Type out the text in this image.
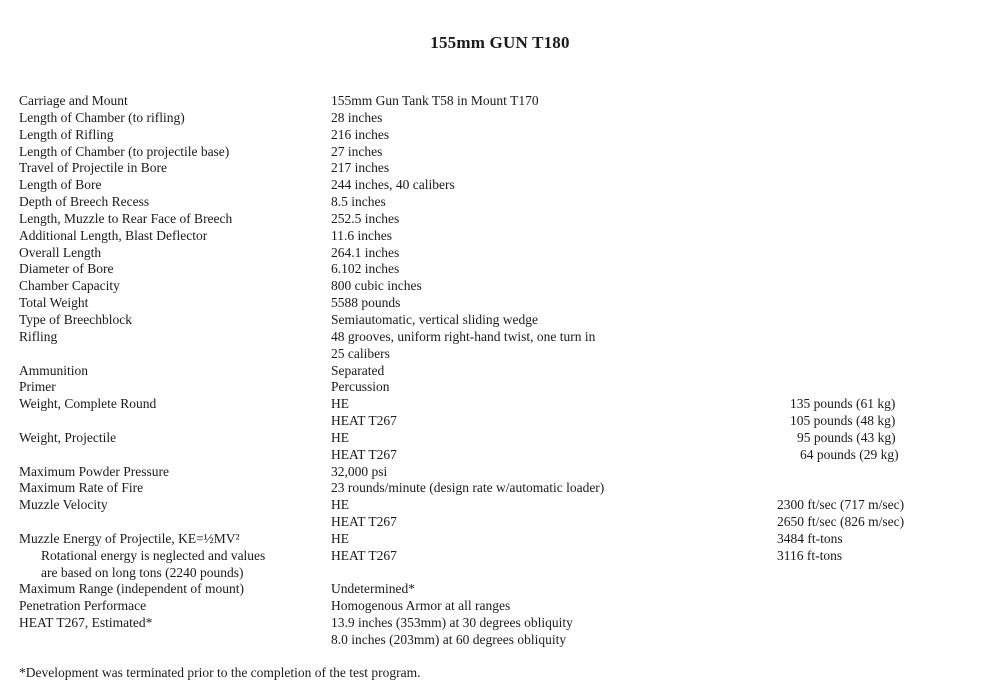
155mm GUN T180
Carriage and Mount	155mm Gun Tank T58 in Mount T170
Length of Chamber (to rifling)	28 inches
Length of Rifling	216 inches
Length of Chamber (to projectile base)	27 inches
Travel of Projectile in Bore	217 inches
Length of Bore	244 inches, 40 calibers
Depth of Breech Recess	8.5 inches
Length, Muzzle to Rear Face of Breech	252.5 inches
Additional Length, Blast Deflector	11.6 inches
Overall Length	264.1 inches
Diameter of Bore	6.102 inches
Chamber Capacity	800 cubic inches
Total Weight	5588 pounds
Type of Breechblock	Semiautomatic, vertical sliding wedge
Rifling	48 grooves, uniform right-hand twist, one turn in
25 calibers
Ammunition	Separated
Primer	Percussion
Weight, Complete Round	HE	135 pounds (61 kg)
HEAT T267	105 pounds (48 kg)
Weight, Projectile	HE	95 pounds (43 kg)
HEAT T267	64 pounds (29 kg)
Maximum Powder Pressure	32,000 psi
Maximum Rate of Fire	23 rounds/minute (design rate w/automatic loader)
Muzzle Velocity	HE	2300 ft/sec (717 m/sec)
HEAT T267	2650 ft/sec (826 m/sec)
Muzzle Energy of Projectile, KE=½MV²	HE	3484 ft-tons
Rotational energy is neglected and values	HEAT T267	3116 ft-tons
are based on long tons (2240 pounds)
Maximum Range (independent of mount)	Undetermined*
Penetration Performace	Homogenous Armor at all ranges
HEAT T267, Estimated*	13.9 inches (353mm) at 30 degrees obliquity
8.0 inches (203mm) at 60 degrees obliquity
*Development was terminated prior to the completion of the test program.
